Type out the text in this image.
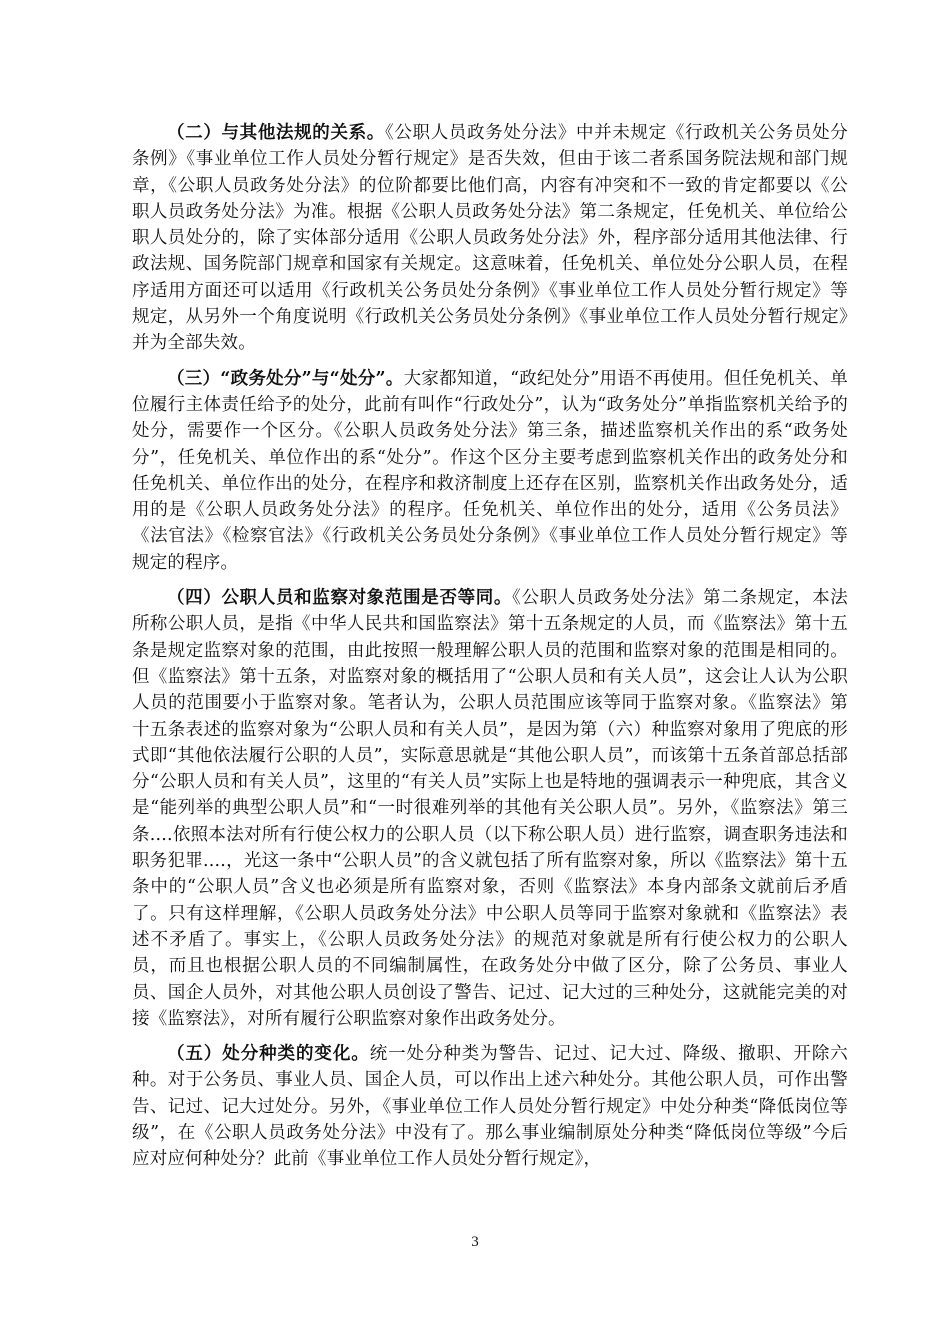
（二）与其他法规的关系。《公职人员政务处分法》中并未规定《行政机关公务员处分条例》《事业单位工作人员处分暂行规定》是否失效，但由于该二者系国务院法规和部门规章，《公职人员政务处分法》的位阶都要比他们高，内容有冲突和不一致的肯定都要以《公职人员政务处分法》为准。根据《公职人员政务处分法》第二条规定，任免机关、单位给公职人员处分的，除了实体部分适用《公职人员政务处分法》外，程序部分适用其他法律、行政法规、国务院部门规章和国家有关规定。这意味着，任免机关、单位处分公职人员，在程序适用方面还可以适用《行政机关公务员处分条例》《事业单位工作人员处分暂行规定》等规定，从另外一个角度说明《行政机关公务员处分条例》《事业单位工作人员处分暂行规定》并为全部失效。

（三）“政务处分”与“处分”。大家都知道，“政纪处分”用语不再使用。但任免机关、单位履行主体责任给予的处分，此前有叫作“行政处分”，认为“政务处分”单指监察机关给予的处分，需要作一个区分。《公职人员政务处分法》第三条，描述监察机关作出的系“政务处分”，任免机关、单位作出的系“处分”。作这个区分主要考虑到监察机关作出的政务处分和任免机关、单位作出的处分，在程序和救济制度上还存在区别，监察机关作出政务处分，适用的是《公职人员政务处分法》的程序。任免机关、单位作出的处分，适用《公务员法》《法官法》《检察官法》《行政机关公务员处分条例》《事业单位工作人员处分暂行规定》等规定的程序。

（四）公职人员和监察对象范围是否等同。《公职人员政务处分法》第二条规定，本法所称公职人员，是指《中华人民共和国监察法》第十五条规定的人员，而《监察法》第十五条是规定监察对象的范围，由此按照一般理解公职人员的范围和监察对象的范围是相同的。但《监察法》第十五条，对监察对象的概括用了“公职人员和有关人员”，这会让人认为公职人员的范围要小于监察对象。笔者认为，公职人员范围应该等同于监察对象。《监察法》第十五条表述的监察对象为“公职人员和有关人员”，是因为第（六）种监察对象用了兜底的形式即“其他依法履行公职的人员”，实际意思就是“其他公职人员”，而该第十五条首部总括部分“公职人员和有关人员”，这里的“有关人员”实际上也是特地的强调表示一种兜底，其含义是“能列举的典型公职人员”和“一时很难列举的其他有关公职人员”。另外，《监察法》第三条....依照本法对所有行使公权力的公职人员（以下称公职人员）进行监察，调查职务违法和职务犯罪....，光这一条中“公职人员”的含义就包括了所有监察对象，所以《监察法》第十五条中的“公职人员”含义也必须是所有监察对象，否则《监察法》本身内部条文就前后矛盾了。只有这样理解，《公职人员政务处分法》中公职人员等同于监察对象就和《监察法》表述不矛盾了。事实上，《公职人员政务处分法》的规范对象就是所有行使公权力的公职人员，而且也根据公职人员的不同编制属性，在政务处分中做了区分，除了公务员、事业人员、国企人员外，对其他公职人员创设了警告、记过、记大过的三种处分，这就能完美的对接《监察法》，对所有履行公职监察对象作出政务处分。

（五）处分种类的变化。统一处分种类为警告、记过、记大过、降级、撤职、开除六种。对于公务员、事业人员、国企人员，可以作出上述六种处分。其他公职人员，可作出警告、记过、记大过处分。另外，《事业单位工作人员处分暂行规定》中处分种类“降低岗位等级”，在《公职人员政务处分法》中没有了。那么事业编制原处分种类“降低岗位等级”今后应对应何种处分？此前《事业单位工作人员处分暂行规定》，

3
